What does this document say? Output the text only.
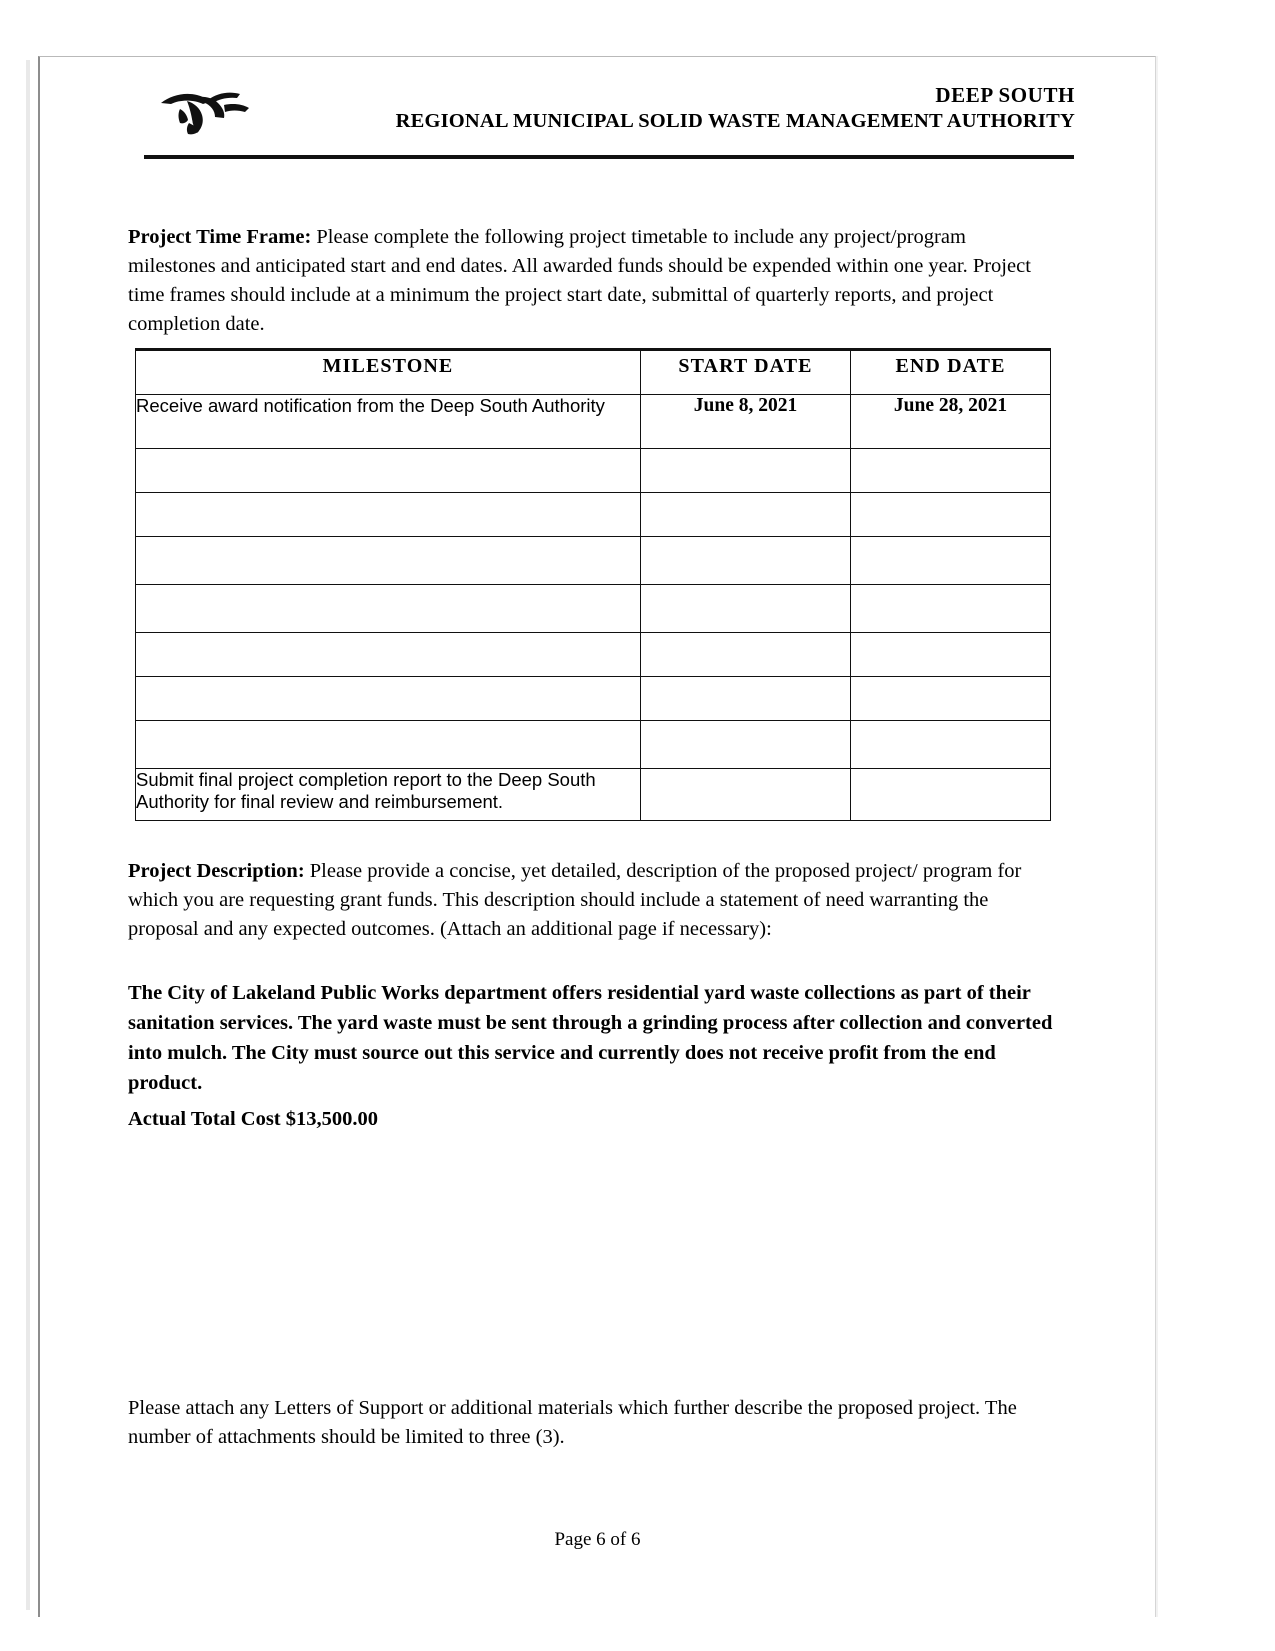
DEEP SOUTH
REGIONAL MUNICIPAL SOLID WASTE MANAGEMENT AUTHORITY
Project Time Frame: Please complete the following project timetable to include any project/program milestones and anticipated start and end dates. All awarded funds should be expended within one year. Project time frames should include at a minimum the project start date, submittal of quarterly reports, and project completion date.
MILESTONE	START DATE	END DATE
Receive award notification from the Deep South Authority	June 8, 2021	June 28, 2021

Submit final project completion report to the Deep South Authority for final review and reimbursement.		
Project Description: Please provide a concise, yet detailed, description of the proposed project/ program for which you are requesting grant funds. This description should include a statement of need warranting the proposal and any expected outcomes. (Attach an additional page if necessary):
The City of Lakeland Public Works department offers residential yard waste collections as part of their sanitation services. The yard waste must be sent through a grinding process after collection and converted into mulch. The City must source out this service and currently does not receive profit from the end product.
Actual Total Cost $13,500.00
Please attach any Letters of Support or additional materials which further describe the proposed project. The number of attachments should be limited to three (3).
Page 6 of 6
